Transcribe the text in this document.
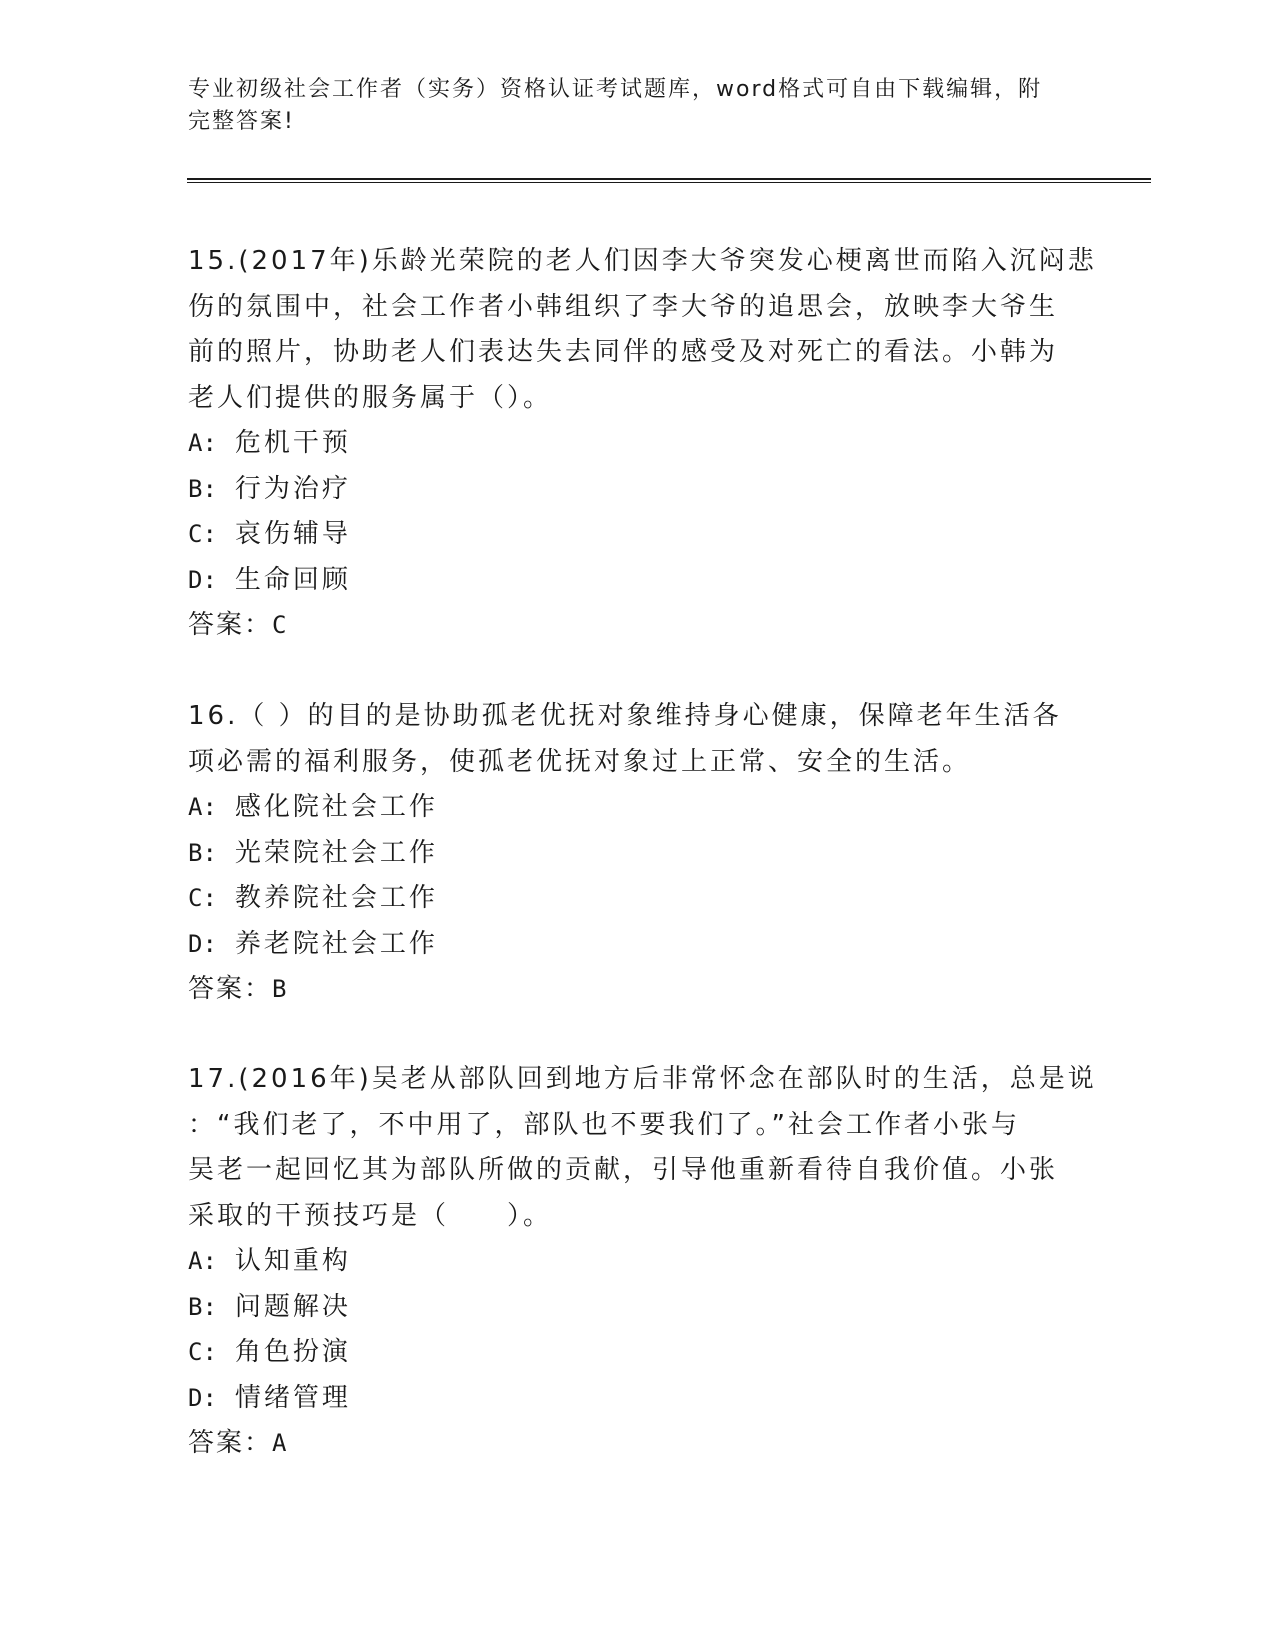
专业初级社会工作者（实务）资格认证考试题库，word格式可自由下载编辑，附
完整答案!
15.(2017年)乐龄光荣院的老人们因李大爷突发心梗离世而陷入沉闷悲
伤的氛围中，社会工作者小韩组织了李大爷的追思会，放映李大爷生
前的照片，协助老人们表达失去同伴的感受及对死亡的看法。小韩为
老人们提供的服务属于（）。
A: 危机干预
B: 行为治疗
C: 哀伤辅导
D: 生命回顾
答案：C
16.（ ）的目的是协助孤老优抚对象维持身心健康，保障老年生活各
项必需的福利服务，使孤老优抚对象过上正常、安全的生活。
A: 感化院社会工作
B: 光荣院社会工作
C: 教养院社会工作
D: 养老院社会工作
答案：B
17.(2016年)吴老从部队回到地方后非常怀念在部队时的生活，总是说
：“我们老了，不中用了，部队也不要我们了。”社会工作者小张与
吴老一起回忆其为部队所做的贡献，引导他重新看待自我价值。小张
采取的干预技巧是（　　）。
A: 认知重构
B: 问题解决
C: 角色扮演
D: 情绪管理
答案：A
